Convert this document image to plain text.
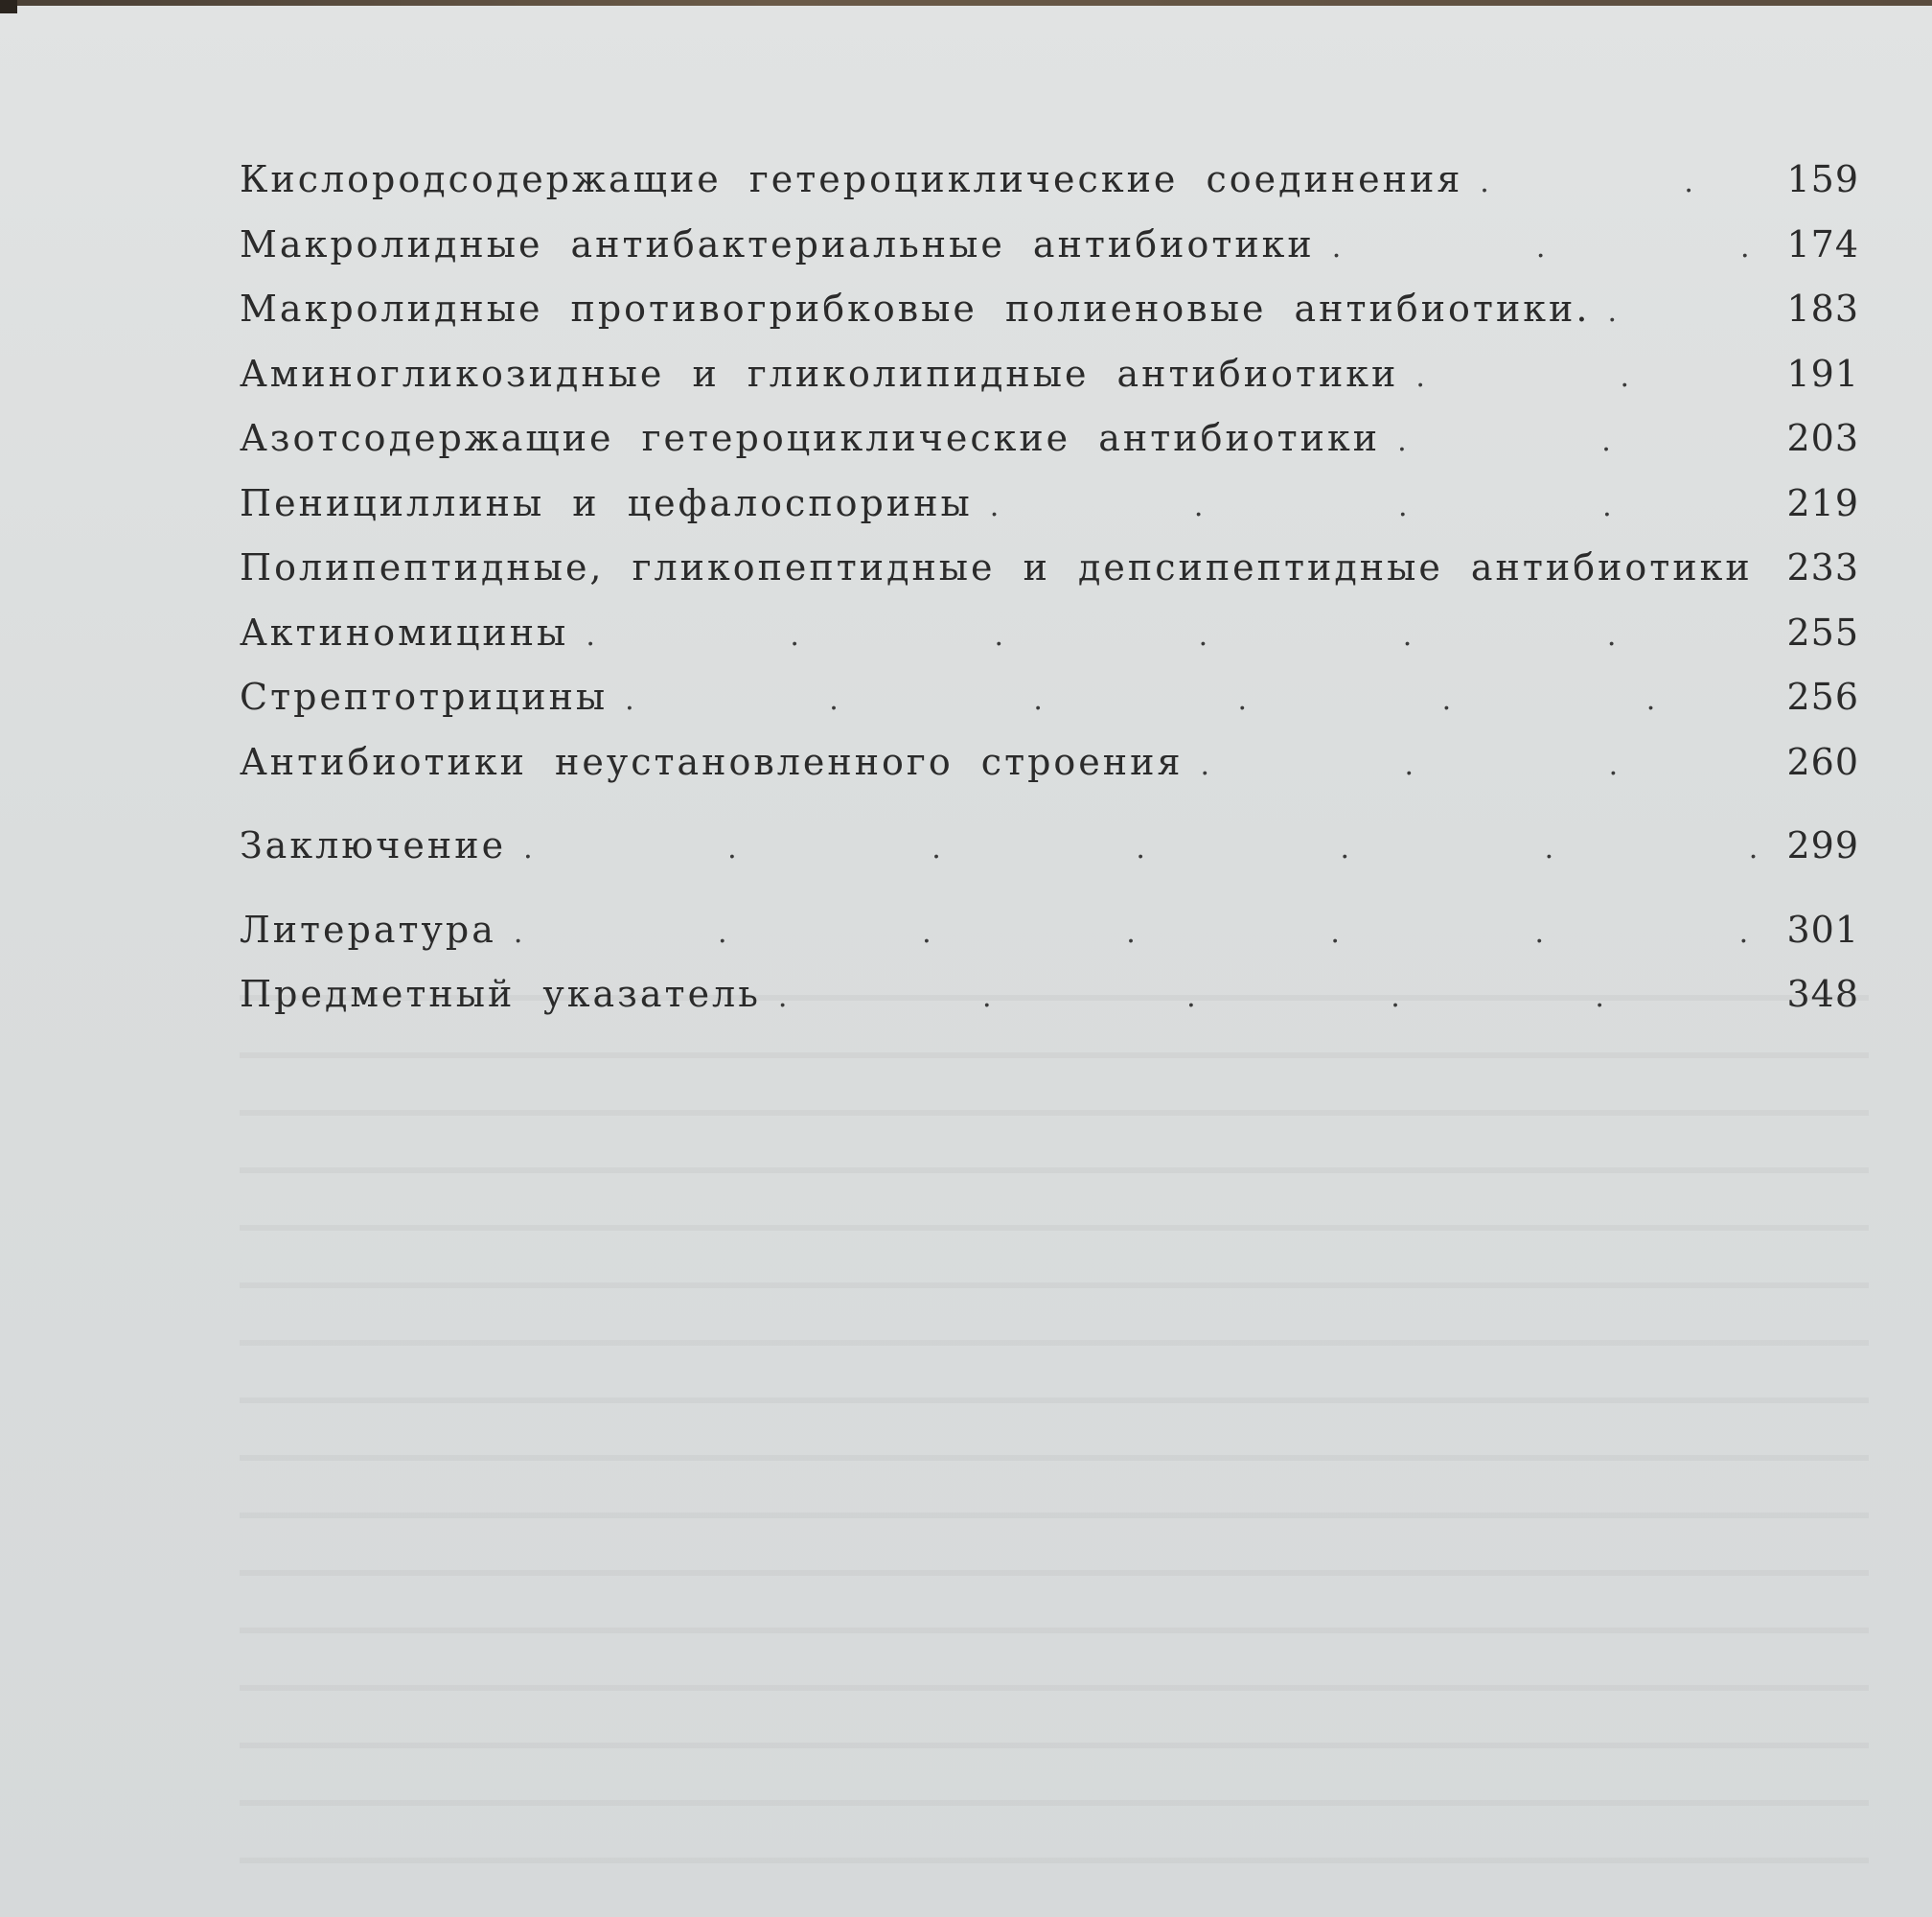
Кислородсодержащие гетероциклические соединения .	159
Макролидные антибактериальные антибиотики .	174
Макролидные противогрибковые полиеновые антибиотики. .	183
Аминогликозидные и гликолипидные антибиотики .	191
Азотсодержащие гетероциклические антибиотики .	203
Пенициллины и цефалоспорины .	219
Полипептидные, гликопептидные и депсипептидные антибиотики 233
Актиномицины .	255
Стрептотрицины .	256
Антибиотики неустановленного строения .	260
Заключение .	299
Литература .	301
Предметный указатель .	348
